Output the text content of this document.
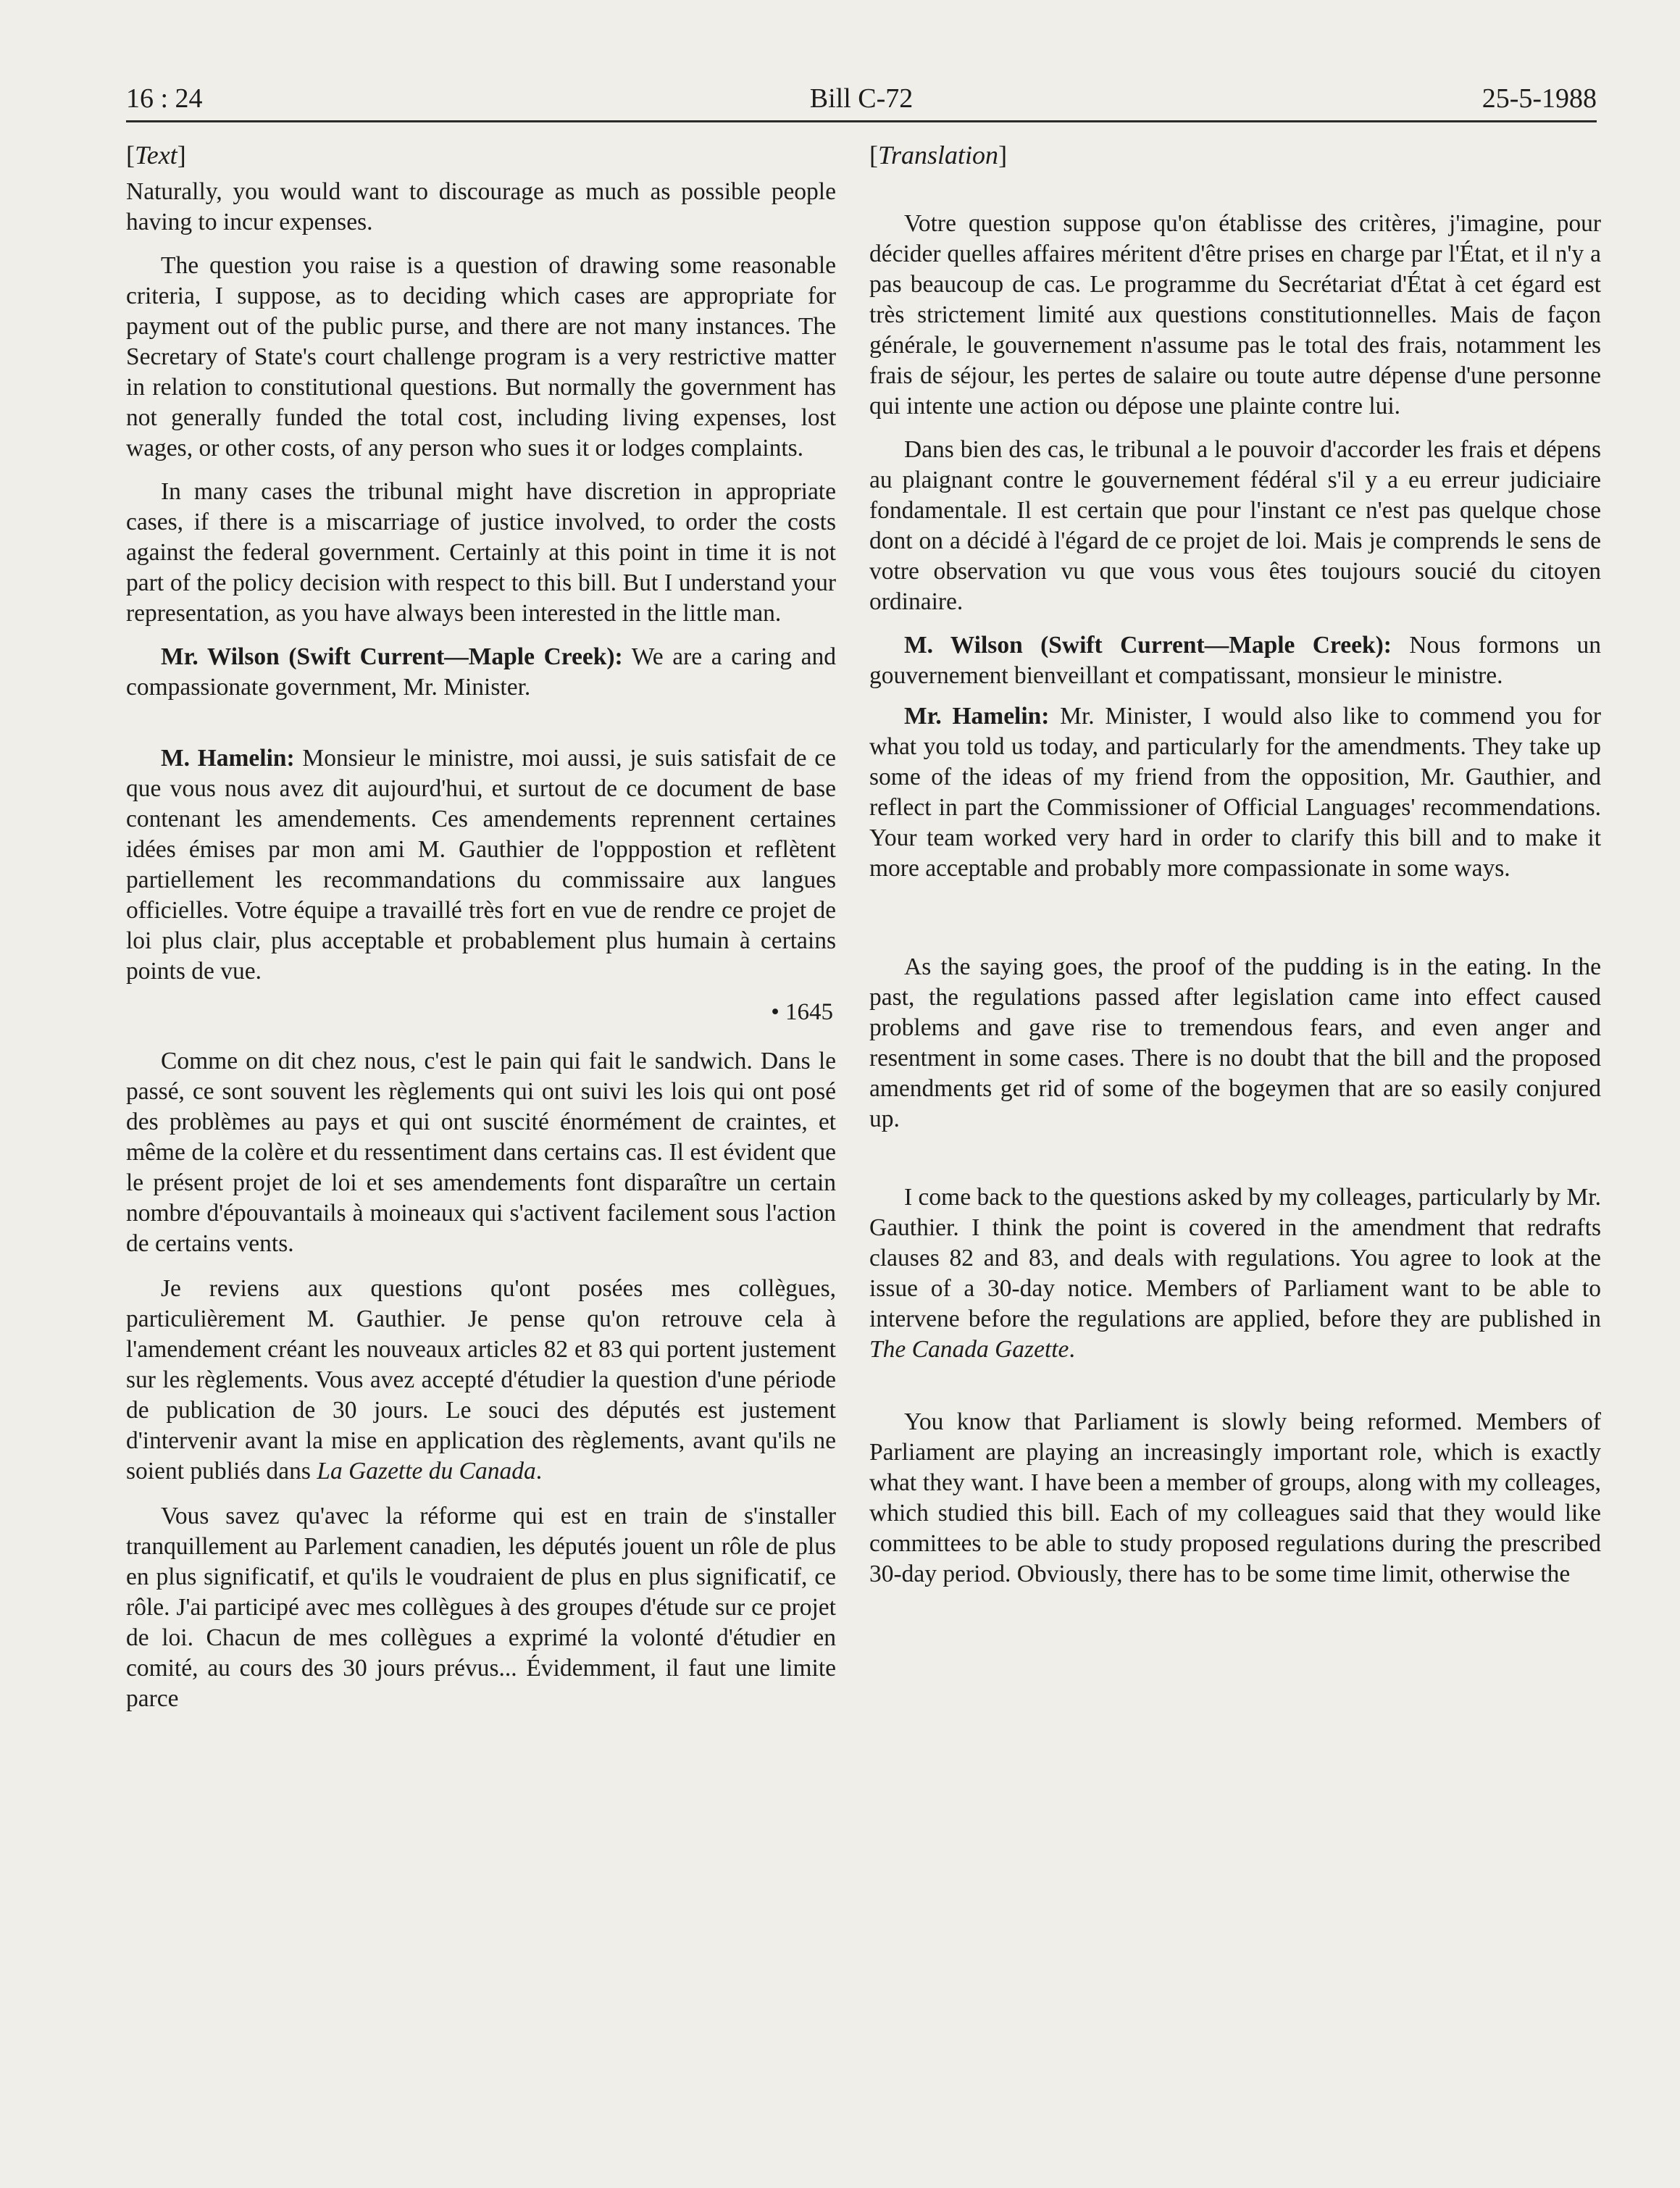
16 : 24	Bill C-72	25-5-1988
[Text]

Naturally, you would want to discourage as much as possible people having to incur expenses.

The question you raise is a question of drawing some reasonable criteria, I suppose, as to deciding which cases are appropriate for payment out of the public purse, and there are not many instances. The Secretary of State's court challenge program is a very restrictive matter in relation to constitutional questions. But normally the government has not generally funded the total cost, including living expenses, lost wages, or other costs, of any person who sues it or lodges complaints.

In many cases the tribunal might have discretion in appropriate cases, if there is a miscarriage of justice involved, to order the costs against the federal government. Certainly at this point in time it is not part of the policy decision with respect to this bill. But I understand your representation, as you have always been interested in the little man.

Mr. Wilson (Swift Current—Maple Creek): We are a caring and compassionate government, Mr. Minister.

M. Hamelin: Monsieur le ministre, moi aussi, je suis satisfait de ce que vous nous avez dit aujourd'hui, et surtout de ce document de base contenant les amendements. Ces amendements reprennent certaines idées émises par mon ami M. Gauthier de l'opppostion et reflètent partiellement les recommandations du commissaire aux langues officielles. Votre équipe a travaillé très fort en vue de rendre ce projet de loi plus clair, plus acceptable et probablement plus humain à certains points de vue.

• 1645

Comme on dit chez nous, c'est le pain qui fait le sandwich. Dans le passé, ce sont souvent les règlements qui ont suivi les lois qui ont posé des problèmes au pays et qui ont suscité énormément de craintes, et même de la colère et du ressentiment dans certains cas. Il est évident que le présent projet de loi et ses amendements font disparaître un certain nombre d'épouvantails à moineaux qui s'activent facilement sous l'action de certains vents.

Je reviens aux questions qu'ont posées mes collègues, particulièrement M. Gauthier. Je pense qu'on retrouve cela à l'amendement créant les nouveaux articles 82 et 83 qui portent justement sur les règlements. Vous avez accepté d'étudier la question d'une période de publication de 30 jours. Le souci des députés est justement d'intervenir avant la mise en application des règlements, avant qu'ils ne soient publiés dans La Gazette du Canada.

Vous savez qu'avec la réforme qui est en train de s'installer tranquillement au Parlement canadien, les députés jouent un rôle de plus en plus significatif, et qu'ils le voudraient de plus en plus significatif, ce rôle. J'ai participé avec mes collègues à des groupes d'étude sur ce projet de loi. Chacun de mes collègues a exprimé la volonté d'étudier en comité, au cours des 30 jours prévus... Évidemment, il faut une limite parce

[Translation]

Votre question suppose qu'on établisse des critères, j'imagine, pour décider quelles affaires méritent d'être prises en charge par l'État, et il n'y a pas beaucoup de cas. Le programme du Secrétariat d'État à cet égard est très strictement limité aux questions constitutionnelles. Mais de façon générale, le gouvernement n'assume pas le total des frais, notamment les frais de séjour, les pertes de salaire ou toute autre dépense d'une personne qui intente une action ou dépose une plainte contre lui.

Dans bien des cas, le tribunal a le pouvoir d'accorder les frais et dépens au plaignant contre le gouvernement fédéral s'il y a eu erreur judiciaire fondamentale. Il est certain que pour l'instant ce n'est pas quelque chose dont on a décidé à l'égard de ce projet de loi. Mais je comprends le sens de votre observation vu que vous vous êtes toujours soucié du citoyen ordinaire.

M. Wilson (Swift Current—Maple Creek): Nous formons un gouvernement bienveillant et compatissant, monsieur le ministre.

Mr. Hamelin: Mr. Minister, I would also like to commend you for what you told us today, and particularly for the amendments. They take up some of the ideas of my friend from the opposition, Mr. Gauthier, and reflect in part the Commissioner of Official Languages' recommendations. Your team worked very hard in order to clarify this bill and to make it more acceptable and probably more compassionate in some ways.

As the saying goes, the proof of the pudding is in the eating. In the past, the regulations passed after legislation came into effect caused problems and gave rise to tremendous fears, and even anger and resentment in some cases. There is no doubt that the bill and the proposed amendments get rid of some of the bogeymen that are so easily conjured up.

I come back to the questions asked by my colleages, particularly by Mr. Gauthier. I think the point is covered in the amendment that redrafts clauses 82 and 83, and deals with regulations. You agree to look at the issue of a 30-day notice. Members of Parliament want to be able to intervene before the regulations are applied, before they are published in The Canada Gazette.

You know that Parliament is slowly being reformed. Members of Parliament are playing an increasingly important role, which is exactly what they want. I have been a member of groups, along with my colleages, which studied this bill. Each of my colleagues said that they would like committees to be able to study proposed regulations during the prescribed 30-day period. Obviously, there has to be some time limit, otherwise the
